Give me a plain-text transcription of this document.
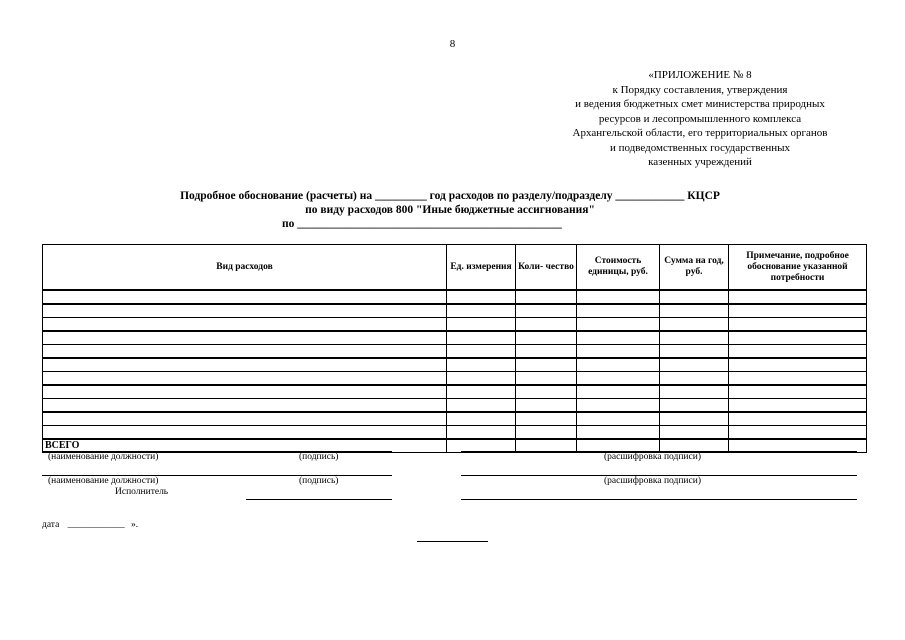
8
«ПРИЛОЖЕНИЕ № 8
к Порядку составления, утверждения
и ведения бюджетных смет министерства природных
ресурсов и лесопромышленного комплекса
Архангельской области, его территориальных органов
и подведомственных государственных
казенных учреждений
Подробное обоснование (расчеты) на _________ год расходов по разделу/подразделу ____________ КЦСР
по виду расходов 800 "Иные бюджетные ассигнования"
по ______________________________________________
Вид расходов	Ед. измерения	Коли- чество	Стоимость единицы, руб.	Сумма на год, руб.	Примечание, подробное обоснование указанной потребности

ВСЕГО					
(наименование должности)	(подпись)	(расшифровка подписи)
(наименование должности)	(подпись)	(расшифровка подписи)
Исполнитель
дата ____________ ».
